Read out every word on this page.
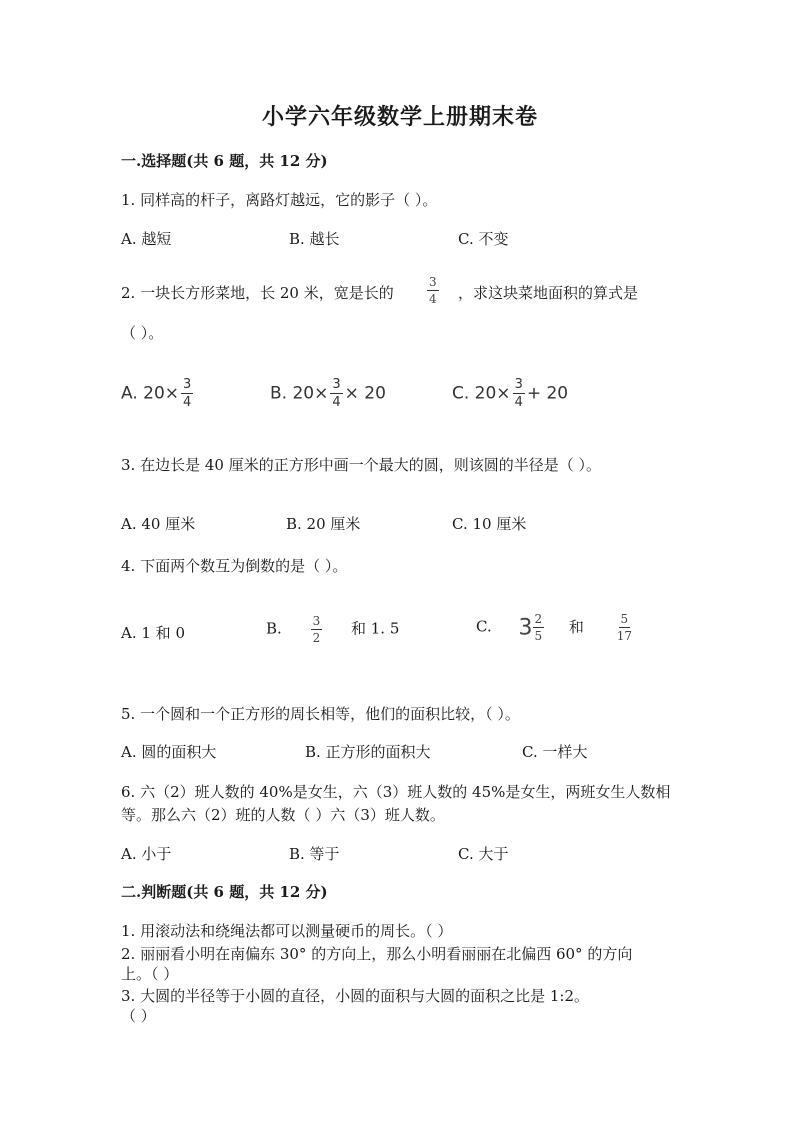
小学六年级数学上册期末卷
一.选择题(共 6 题，共 12 分)
1. 同样高的杆子，离路灯越远，它的影子（ ）。
A. 越短	B. 越长	C. 不变
2. 一块长方形菜地，长 20 米，宽是长的	$\frac{3}{4}$ ，求这块菜地面积的算式是
（ ）。
A. $20\times \frac{3}{4}$	B. $20\times \frac{3}{4} \times 20$	C. $20\times \frac{3}{4} + 20$
3. 在边长是 40 厘米的正方形中画一个最大的圆，则该圆的半径是（ ）。
A. 40 厘米	B. 20 厘米	C. 10 厘米
4. 下面两个数互为倒数的是（ ）。
A. 1 和 0	B. $\frac{3}{2}$ 和 1. 5	C. $3 \frac{2}{5}$ 和	$\frac{5}{17}$
5. 一个圆和一个正方形的周长相等，他们的面积比较，（ ）。
A. 圆的面积大	B. 正方形的面积大	C. 一样大
6. 六（2）班人数的 40%是女生，六（3）班人数的 45%是女生，两班女生人数相
等。那么六（2）班的人数（ ）六（3）班人数。
A. 小于	B. 等于	C. 大于
二.判断题(共 6 题，共 12 分)
1. 用滚动法和绕绳法都可以测量硬币的周长。（ ）
2. 丽丽看小明在南偏东 30° 的方向上，那么小明看丽丽在北偏西 60° 的方向
上。（ ）
3. 大圆的半径等于小圆的直径，小圆的面积与大圆的面积之比是 1:2。
（ ）
